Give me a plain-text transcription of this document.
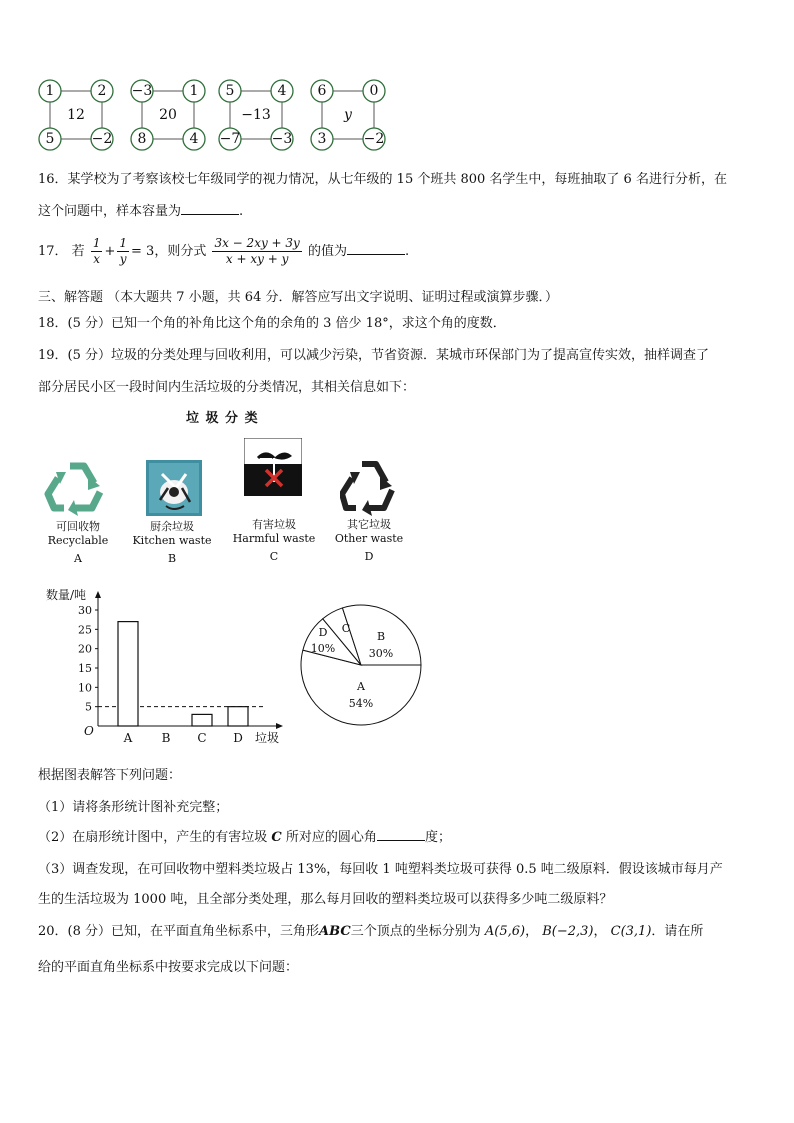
1	2
5	−2
12
−3	1
8	4
20
5	4
−7 −3
−13
6	0
3	−2
y
16．某学校为了考察该校七年级同学的视力情况，从七年级的 15 个班共 800 名学生中，每班抽取了 6 名进行分析，在
这个问题中，样本容量为	.
17． 若 $\frac{1}{x} + \frac{1}{y} = 3$，则分式 $\frac{3x - 2xy + 3y}{x + xy + y}$ 的值为	.
三、解答题 （本大题共 7 小题，共 64 分．解答应写出文字说明、证明过程或演算步骤．）
18．(5 分）已知一个角的补角比这个角的余角的 3 倍少 18°，求这个角的度数．
19．(5 分）垃圾的分类处理与回收利用，可以减少污染，节省资源．某城市环保部门为了提高宣传实效，抽样调查了
部分居民小区一段时间内生活垃圾的分类情况，其相关信息如下：
垃 圾 分 类
可回收物
Recyclable
A
厨余垃圾
Kitchen waste
B
有害垃圾
Harmful waste
C
其它垃圾
Other waste
D
数量/吨
垃圾
O
5
10
15
20
25
30
A B C D
A
54%
D
10%
C
B
30%
根据图表解答下列问题：
（1）请将条形统计图补充完整；
（2）在扇形统计图中，产生的有害垃圾 C 所对应的圆心角	度；
（3）调查发现，在可回收物中塑料类垃圾占 13%，每回收 1 吨塑料类垃圾可获得 0.5 吨二级原料．假设该城市每月产
生的生活垃圾为 1000 吨，且全部分类处理，那么每月回收的塑料类垃圾可以获得多少吨二级原料？
20．(8 分）已知，在平面直角坐标系中，三角形ABC三个顶点的坐标分别为 A(5,6)， B(−2,3)， C(3,1)．请在所
给的平面直角坐标系中按要求完成以下问题：
